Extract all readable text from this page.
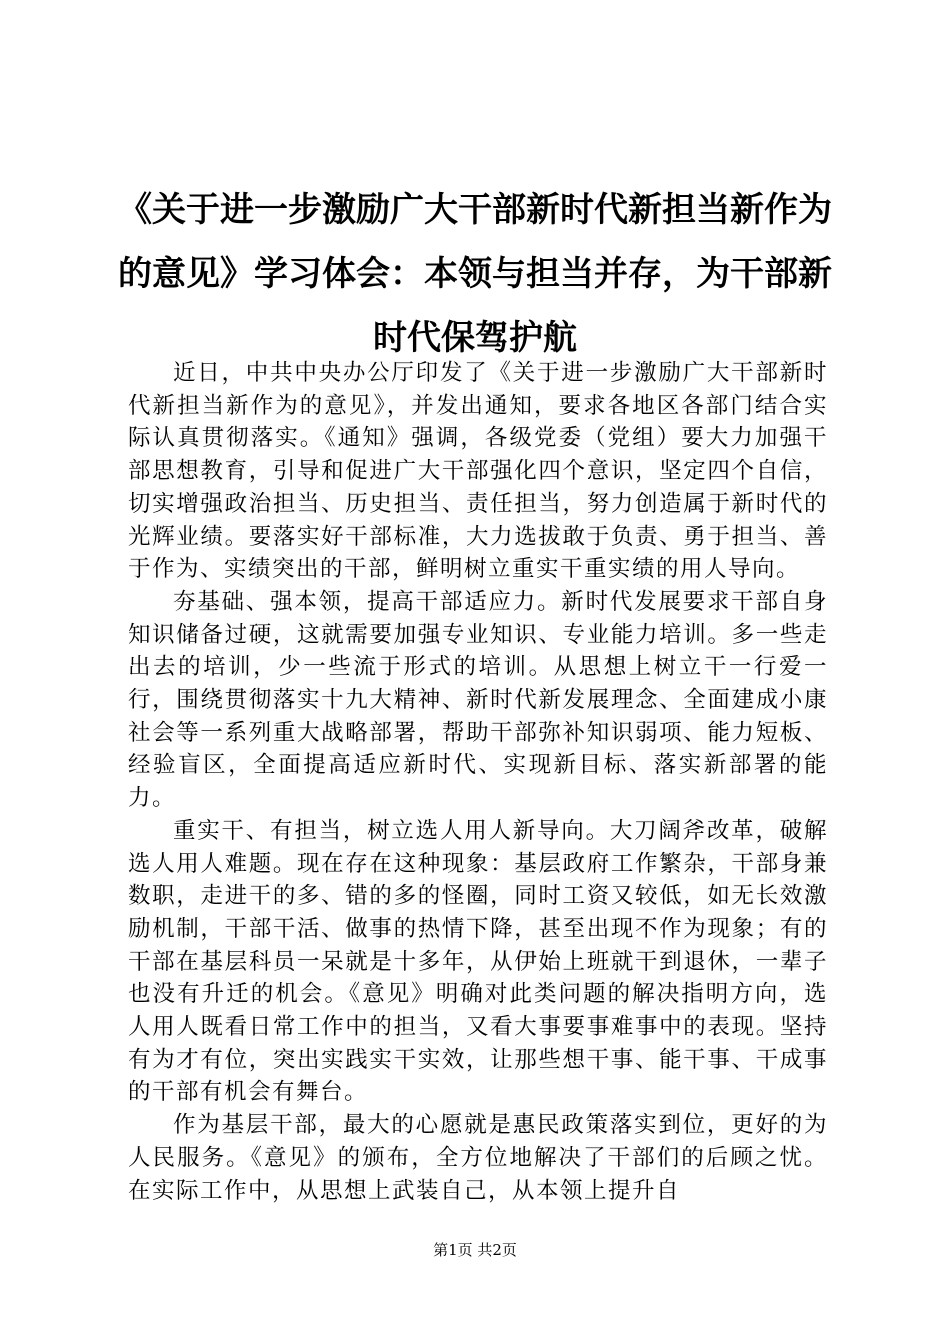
《关于进一步激励广大干部新时代新担当新作为的意见》学习体会：本领与担当并存，为干部新时代保驾护航

近日，中共中央办公厅印发了《关于进一步激励广大干部新时代新担当新作为的意见》，并发出通知，要求各地区各部门结合实际认真贯彻落实。《通知》强调，各级党委（党组）要大力加强干部思想教育，引导和促进广大干部强化四个意识，坚定四个自信，切实增强政治担当、历史担当、责任担当，努力创造属于新时代的光辉业绩。要落实好干部标准，大力选拔敢于负责、勇于担当、善于作为、实绩突出的干部，鲜明树立重实干重实绩的用人导向。

夯基础、强本领，提高干部适应力。新时代发展要求干部自身知识储备过硬，这就需要加强专业知识、专业能力培训。多一些走出去的培训，少一些流于形式的培训。从思想上树立干一行爱一行，围绕贯彻落实十九大精神、新时代新发展理念、全面建成小康社会等一系列重大战略部署，帮助干部弥补知识弱项、能力短板、经验盲区，全面提高适应新时代、实现新目标、落实新部署的能力。

重实干、有担当，树立选人用人新导向。大刀阔斧改革，破解选人用人难题。现在存在这种现象：基层政府工作繁杂，干部身兼数职，走进干的多、错的多的怪圈，同时工资又较低，如无长效激励机制，干部干活、做事的热情下降，甚至出现不作为现象；有的干部在基层科员一呆就是十多年，从伊始上班就干到退休，一辈子也没有升迁的机会。《意见》明确对此类问题的解决指明方向，选人用人既看日常工作中的担当，又看大事要事难事中的表现。坚持有为才有位，突出实践实干实效，让那些想干事、能干事、干成事的干部有机会有舞台。

作为基层干部，最大的心愿就是惠民政策落实到位，更好的为人民服务。《意见》的颁布，全方位地解决了干部们的后顾之忧。在实际工作中，从思想上武装自己，从本领上提升自

第1页 共2页
